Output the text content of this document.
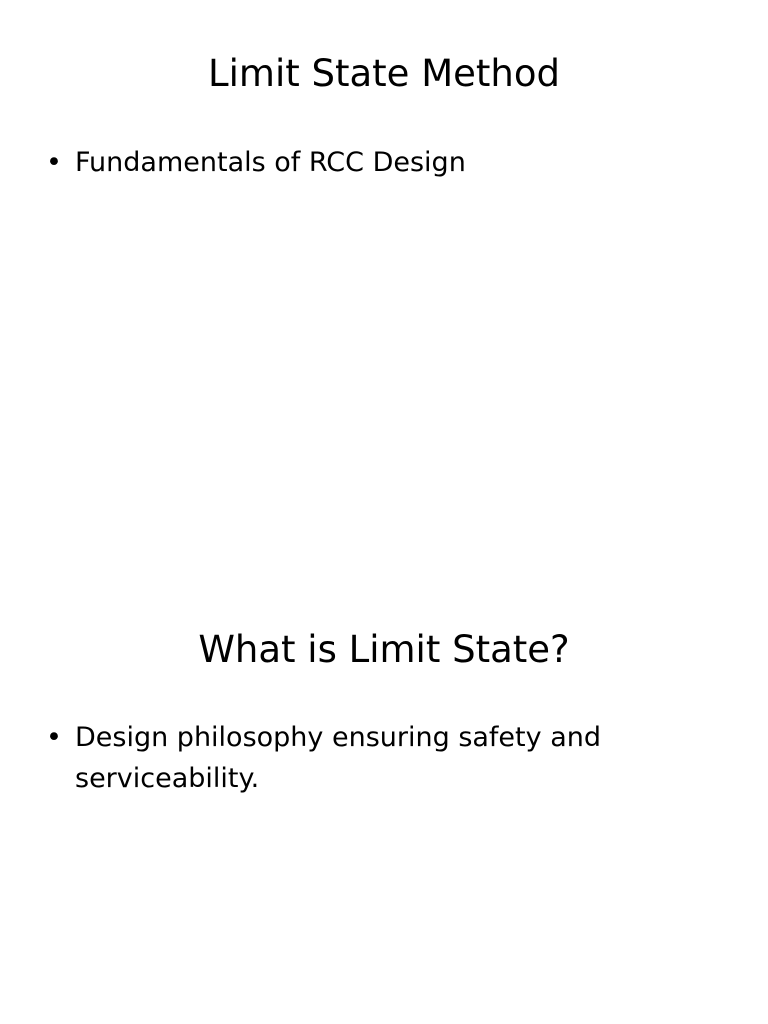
Limit State Method
• Fundamentals of RCC Design
What is Limit State?
• Design philosophy ensuring safety and serviceability.
